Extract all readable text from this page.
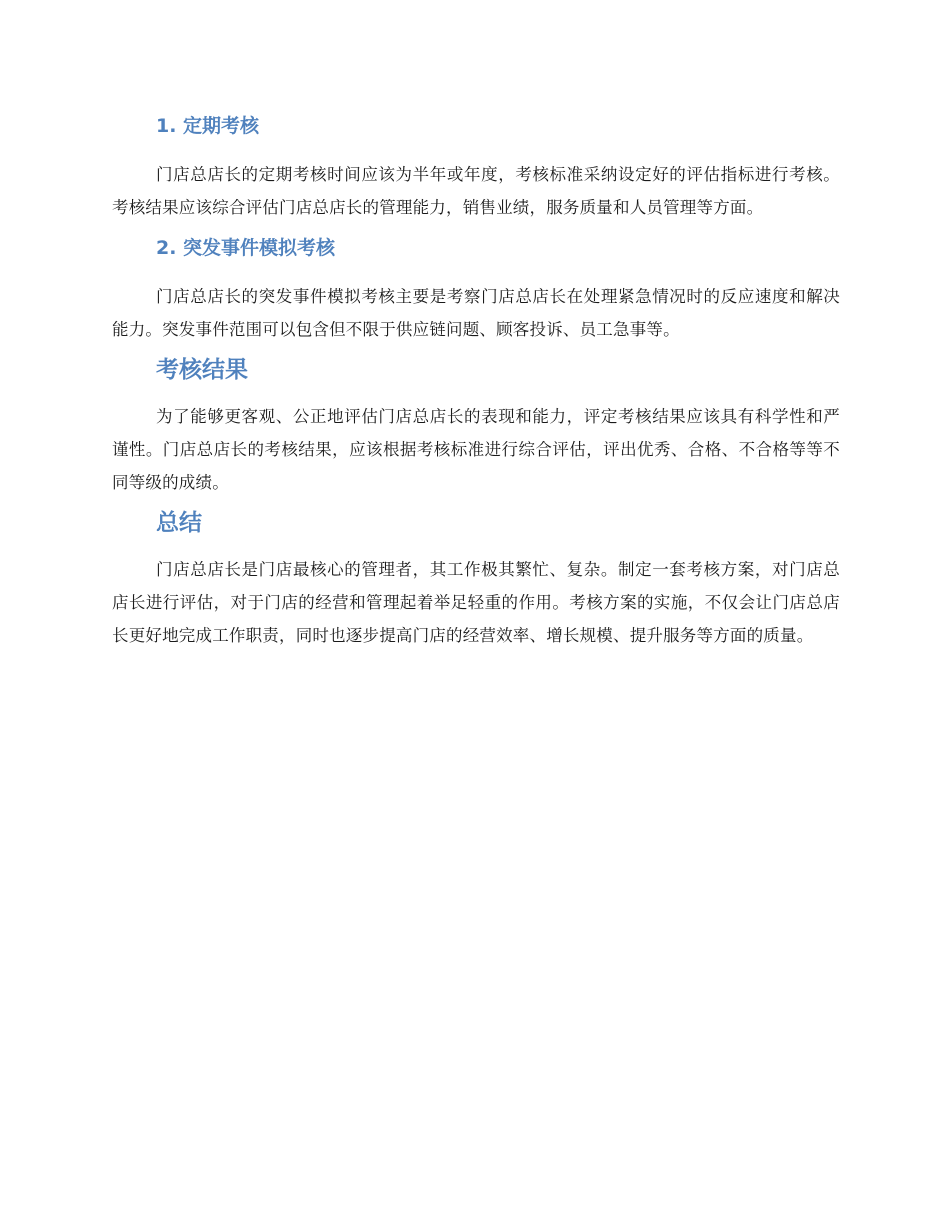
1. 定期考核

门店总店长的定期考核时间应该为半年或年度，考核标准采纳设定好的评估指标进行考核。考核结果应该综合评估门店总店长的管理能力，销售业绩，服务质量和人员管理等方面。

2. 突发事件模拟考核

门店总店长的突发事件模拟考核主要是考察门店总店长在处理紧急情况时的反应速度和解决能力。突发事件范围可以包含但不限于供应链问题、顾客投诉、员工急事等。

考核结果

为了能够更客观、公正地评估门店总店长的表现和能力，评定考核结果应该具有科学性和严谨性。门店总店长的考核结果，应该根据考核标准进行综合评估，评出优秀、合格、不合格等等不同等级的成绩。

总结

门店总店长是门店最核心的管理者，其工作极其繁忙、复杂。制定一套考核方案，对门店总店长进行评估，对于门店的经营和管理起着举足轻重的作用。考核方案的实施，不仅会让门店总店长更好地完成工作职责，同时也逐步提高门店的经营效率、增长规模、提升服务等方面的质量。
